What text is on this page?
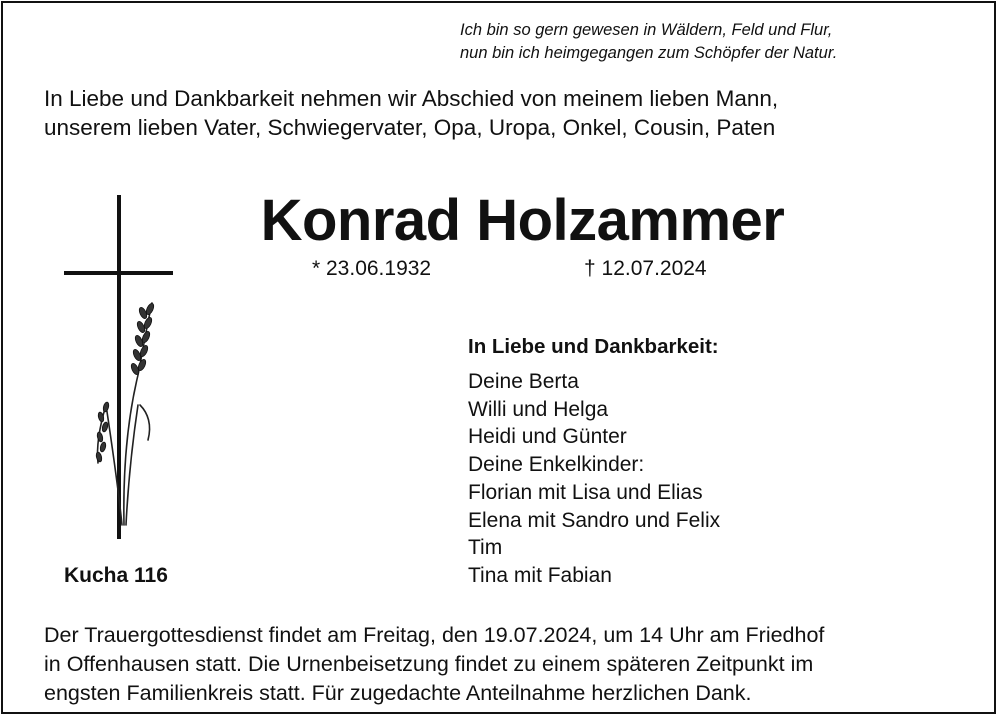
Ich bin so gern gewesen in Wäldern, Feld und Flur,
nun bin ich heimgegangen zum Schöpfer der Natur.
In Liebe und Dankbarkeit nehmen wir Abschied von meinem lieben Mann,
unserem lieben Vater, Schwiegervater, Opa, Uropa, Onkel, Cousin, Paten
Konrad Holzammer
* 23.06.1932	† 12.07.2024
Kucha 116
In Liebe und Dankbarkeit:
Deine Berta
Willi und Helga
Heidi und Günter
Deine Enkelkinder:
Florian mit Lisa und Elias
Elena mit Sandro und Felix
Tim
Tina mit Fabian
Der Trauergottesdienst findet am Freitag, den 19.07.2024, um 14 Uhr am Friedhof
in Offenhausen statt. Die Urnenbeisetzung findet zu einem späteren Zeitpunkt im
engsten Familienkreis statt. Für zugedachte Anteilnahme herzlichen Dank.
